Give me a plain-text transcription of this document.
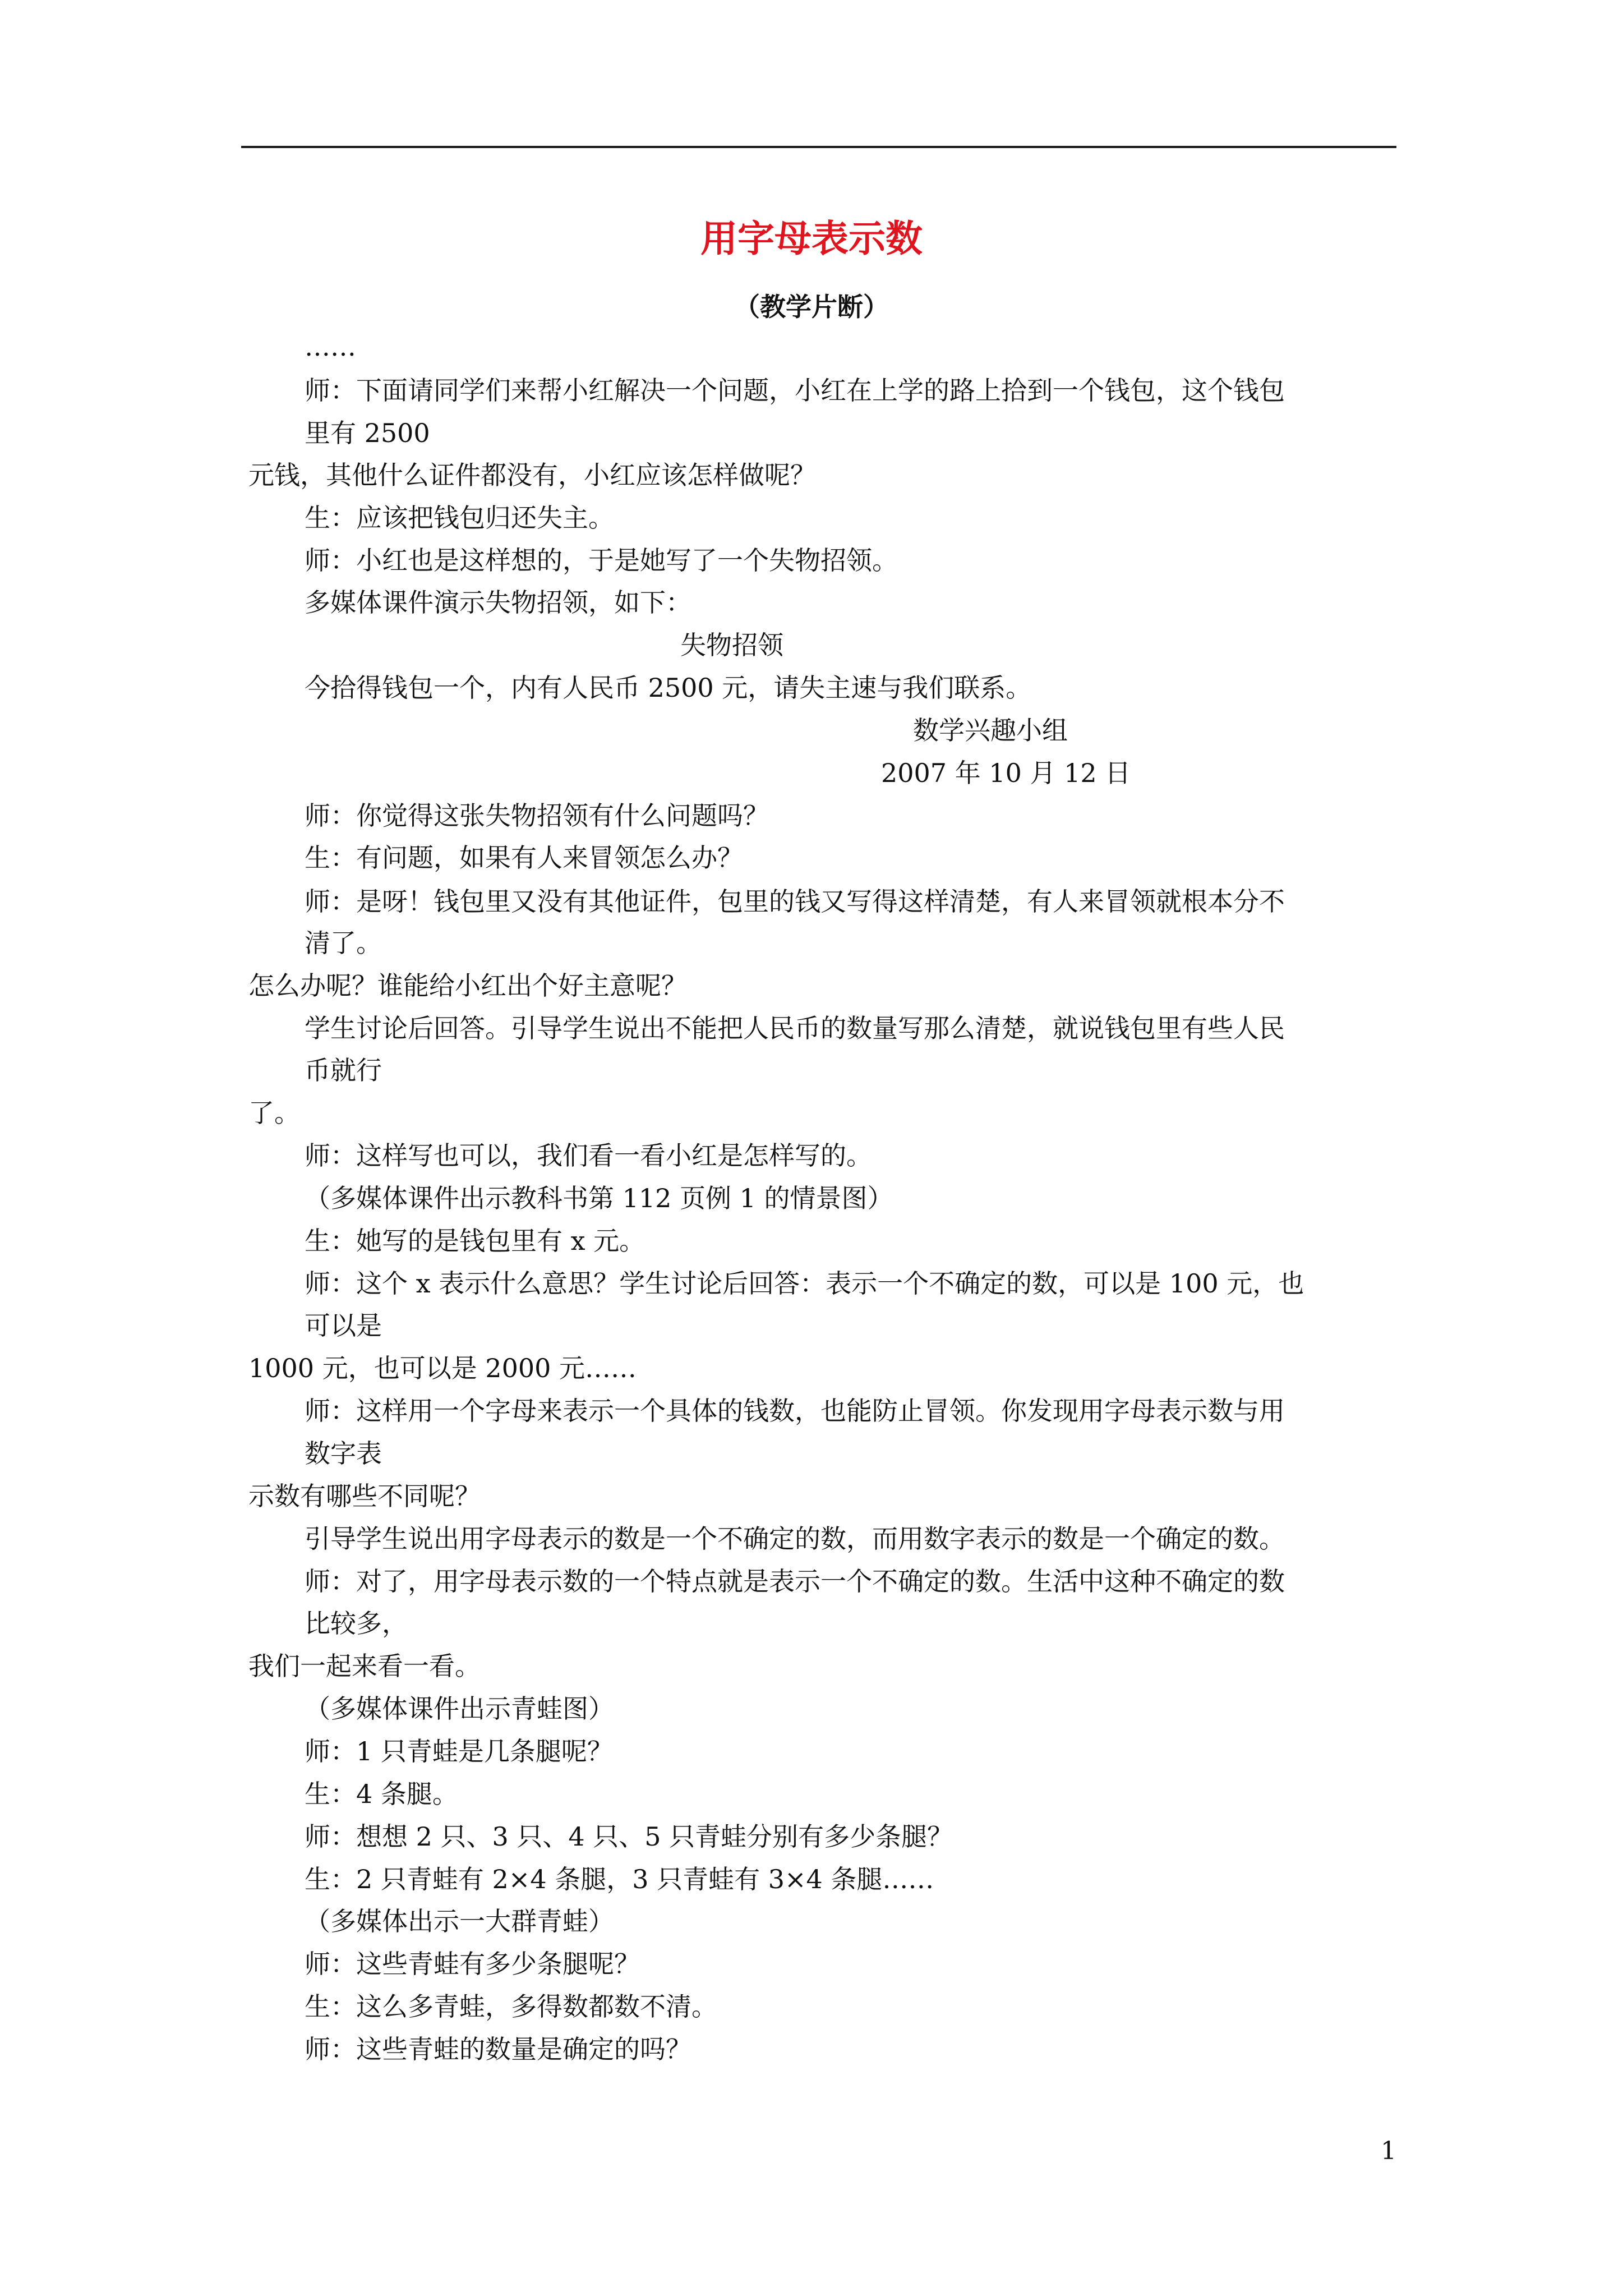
用字母表示数
（教学片断）
……
师：下面请同学们来帮小红解决一个问题，小红在上学的路上拾到一个钱包，这个钱包
里有 2500
元钱，其他什么证件都没有，小红应该怎样做呢？
生：应该把钱包归还失主。
师：小红也是这样想的，于是她写了一个失物招领。
多媒体课件演示失物招领，如下：
失物招领
今拾得钱包一个，内有人民币 2500 元，请失主速与我们联系。
数学兴趣小组
2007 年 10 月 12 日
师：你觉得这张失物招领有什么问题吗？
生：有问题，如果有人来冒领怎么办？
师：是呀！钱包里又没有其他证件，包里的钱又写得这样清楚，有人来冒领就根本分不
清了。
怎么办呢？谁能给小红出个好主意呢？
学生讨论后回答。引导学生说出不能把人民币的数量写那么清楚，就说钱包里有些人民
币就行
了。
师：这样写也可以，我们看一看小红是怎样写的。
（多媒体课件出示教科书第 112 页例 1 的情景图）
生：她写的是钱包里有 x 元。
师：这个 x 表示什么意思？学生讨论后回答：表示一个不确定的数，可以是 100 元，也
可以是
1000 元，也可以是 2000 元……
师：这样用一个字母来表示一个具体的钱数，也能防止冒领。你发现用字母表示数与用
数字表
示数有哪些不同呢？
引导学生说出用字母表示的数是一个不确定的数，而用数字表示的数是一个确定的数。
师：对了，用字母表示数的一个特点就是表示一个不确定的数。生活中这种不确定的数
比较多，
我们一起来看一看。
（多媒体课件出示青蛙图）
师：1 只青蛙是几条腿呢？
生：4 条腿。
师：想想 2 只、3 只、4 只、5 只青蛙分别有多少条腿？
生：2 只青蛙有 2×4 条腿，3 只青蛙有 3×4 条腿……
（多媒体出示一大群青蛙）
师：这些青蛙有多少条腿呢？
生：这么多青蛙，多得数都数不清。
师：这些青蛙的数量是确定的吗？
1
